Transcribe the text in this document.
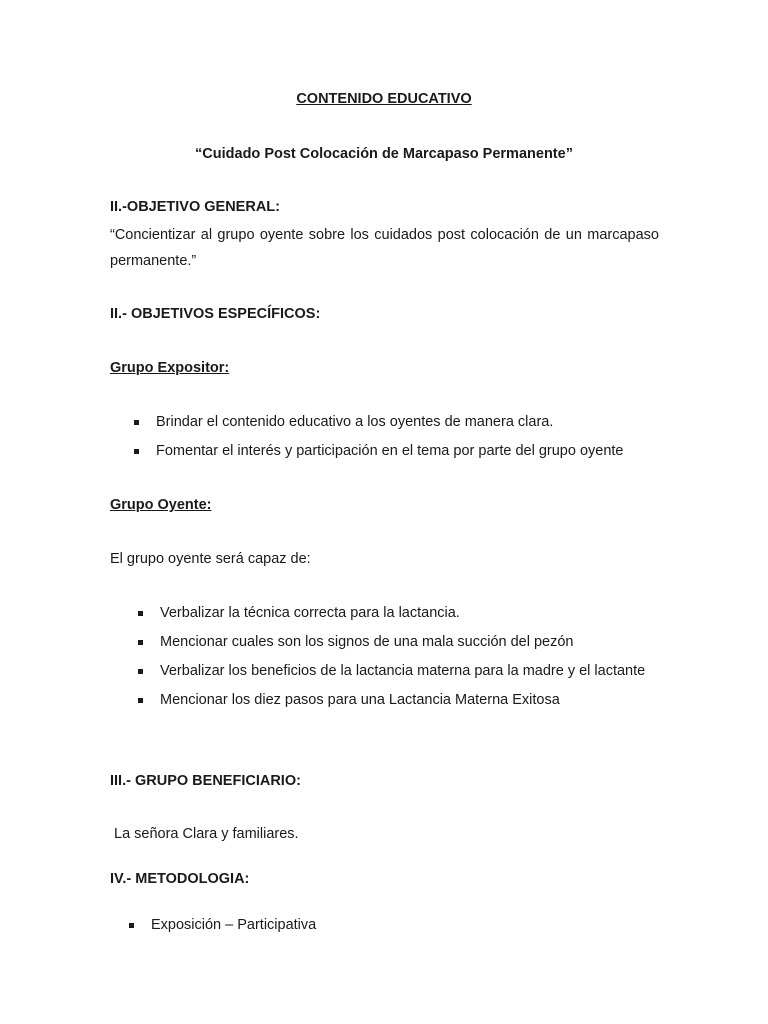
CONTENIDO EDUCATIVO

“Cuidado Post Colocación de Marcapaso Permanente”

II.-OBJETIVO GENERAL:

“Concientizar al grupo oyente sobre los cuidados post colocación de un marcapaso permanente.”

II.- OBJETIVOS ESPECÍFICOS:

Grupo Expositor:

Brindar el contenido educativo a los oyentes de manera clara.
Fomentar el interés y participación en el tema por parte del grupo oyente

Grupo Oyente:

El grupo oyente será capaz de:

Verbalizar la técnica correcta para la lactancia.
Mencionar cuales son los signos de una mala succión del pezón
Verbalizar los beneficios de la lactancia materna para la madre y el lactante
Mencionar los diez pasos para una Lactancia Materna Exitosa

III.- GRUPO BENEFICIARIO:

La señora Clara y familiares.

IV.- METODOLOGIA:

Exposición – Participativa
